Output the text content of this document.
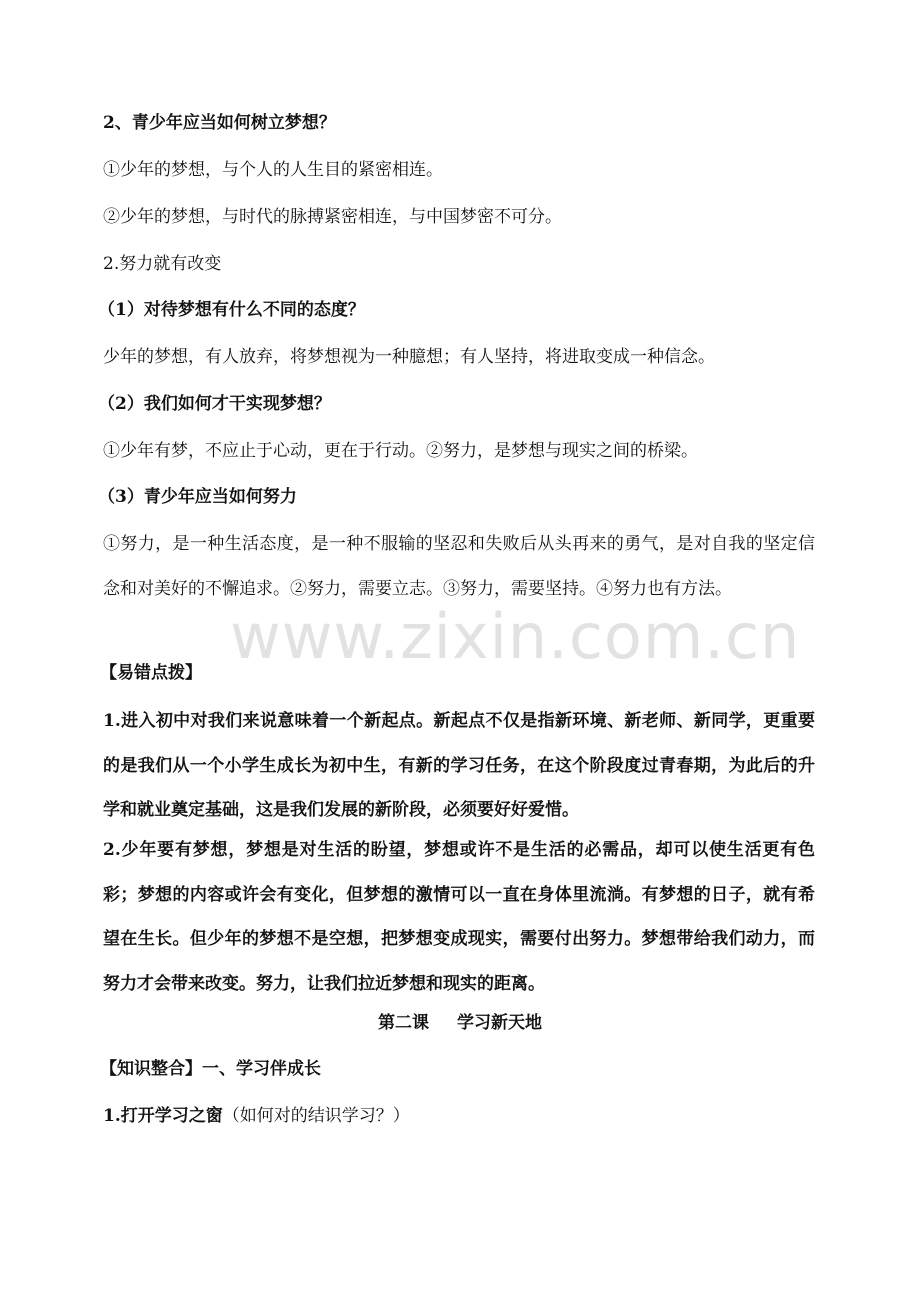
2、青少年应当如何树立梦想？
①少年的梦想，与个人的人生目的紧密相连。
②少年的梦想，与时代的脉搏紧密相连，与中国梦密不可分。
2.努力就有改变
（1）对待梦想有什么不同的态度？
少年的梦想，有人放弃，将梦想视为一种臆想；有人坚持，将进取变成一种信念。
（2）我们如何才干实现梦想？
①少年有梦，不应止于心动，更在于行动。②努力，是梦想与现实之间的桥梁。
（3）青少年应当如何努力
①努力，是一种生活态度，是一种不服输的坚忍和失败后从头再来的勇气，是对自我的坚定信念和对美好的不懈追求。②努力，需要立志。③努力，需要坚持。④努力也有方法。
www.zixin.com.cn
【易错点拨】
1.进入初中对我们来说意味着一个新起点。新起点不仅是指新环境、新老师、新同学，更重要的是我们从一个小学生成长为初中生，有新的学习任务，在这个阶段度过青春期，为此后的升学和就业奠定基础，这是我们发展的新阶段，必须要好好爱惜。
2.少年要有梦想，梦想是对生活的盼望，梦想或许不是生活的必需品，却可以使生活更有色彩；梦想的内容或许会有变化，但梦想的激情可以一直在身体里流淌。有梦想的日子，就有希望在生长。但少年的梦想不是空想，把梦想变成现实，需要付出努力。梦想带给我们动力，而努力才会带来改变。努力，让我们拉近梦想和现实的距离。
第二课 学习新天地
【知识整合】一、学习伴成长
1.打开学习之窗（如何对的结识学习？）
